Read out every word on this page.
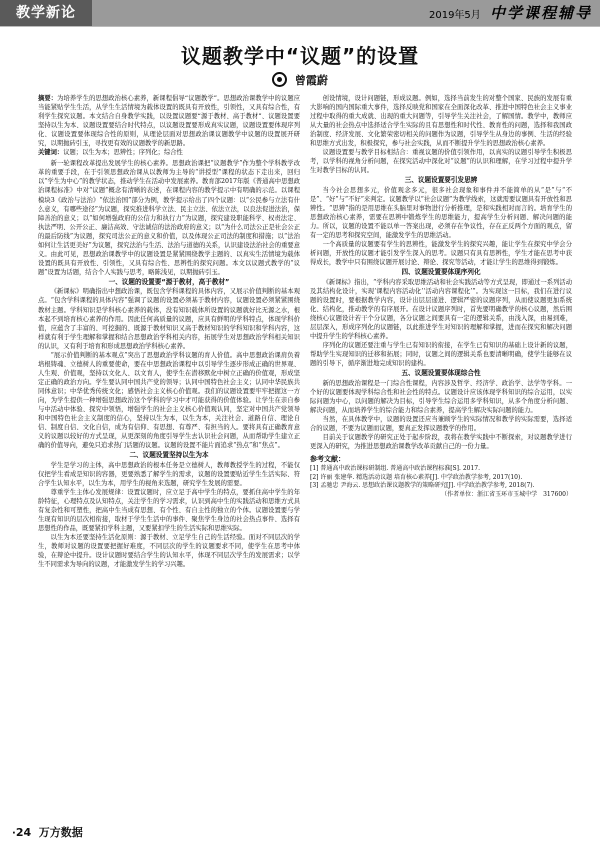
教学新论	2019年5月 中学课程辅导
议题教学中“议题”的设置
曾霞蔚

摘要：为培养学生的思想政治核心素养，新课程倡导“议题教学”。思想政治课教学中的议题应当能紧贴学生生活，从学生生活情境为载体设置的既具有开放性，引领性，又具有综合性，有利学生探究议题。本文结合自身教学实践，以设置议题要“源于教材、高于教材”、议题设置要坚持以生为本、议题设置要结合时代特点，以议题设置要形成真实议题，议题设置要体现序列化、议题设置要体现综合性的原则，从理论层面对思想政治课议题教学中议题的设置展开研究，以期抛砖引玉，寻找更有效的议题教学的新思路。

关键词：议题；以生为本；思辨性；序列化；综合性

新一轮课程改革提出发展学生的核心素养。思想政治课把“议题教学”作为整个学科教学改革的重要手段，在于引领思想政治课从以教师为主导的“讲授型”课程的状态下走出来，回归以“学生为中心”的教学状态，推动学生在活动中发展素养。教育部2017年版《普通高中思想政治课程标准》中对“议题”概念有清晰的表述，在课程内容的教学提示中有明确的示范。以课程模块3《政治与法治》“依法治国”部分为例，教学提示给出了四个议题：以“公民参与立法有什么意义，有哪些途径”为议题，探究推进科学立法、民主立法、依法立法，以良法促进法治，保障善治的意义；以“如何增强政府的公信力和执行力”为议题，探究建设职能科学、权责法定、执法严明、公开公正、廉洁高效、守法诚信的法治政府的意义；以“为什么司法公正是社会公正的最后防线”为议题，探究司法公正的意义和价值，以及体现公正司法的制度和措施；以“法治如何让生活更美好”为议题，探究法治与生活、法治与道德的关系，认识建设法治社会的重要意义。由此可见，思想政治课教学中的议题设置是紧紧围绕教学主题的、以真实生活情境为载体设置的既具有开放性、引领性，又具有综合性、思辨性的探究问题。本文以议题式教学的“议题”设置为话题，结合个人实践与思考，略陈浅见，以期抛砖引玉。

一、议题的设置要“源于教材，高于教材”

《新课标》明确指出中想政治课，既包含学科课程的具体内容，又展示价值判断的基本观点。“包含学科课程的具体内容”强调了议题的设置必须基于教材内容，议题设置必须紧紧围绕教材主题。学科知识是学科核心素养的载体，没有知识载体所设置的议题就好比无源之水，根本起不到培育核心素养的作用。因此任何高质量的议题，应具有鲜明的学科特点，体现学科价值，应蕴含了丰富的、可挖掘的、既源于教材知识又高于教材知识的学科知识和学科内容，这样就有利于学生理解和掌握和结合思想政治学科相关内容，拓展学生对思想政治学科相关知识的认识，又有利于培育和形成思想政治学科核心素养。

“展示价值判断的基本观点”突出了思想政治学科议题的育人价值。高中思想政治课肩负着培根铸魂、立德树人的重要使命，要在中思想政治课程中以引导学生逐步形成正确的世界观、人生观、价值观，坚持以文化人、以文育人，使学生在潜移默化中树立正确的价值观，形成坚定正确的政治方向。学生要认同中国共产党的领导；认同中国特色社会主义；认同中华民族共同体意识；中华优秀传统文化；感悟社会主义核心价值观。我们的议题设置要牢牢把握这一方向，为学生提供一种增强思想政治这个学科的学习中才可能获得的价值体验。让学生在亲自参与中活动中体验、探究中领悟，增强学生的社会主义核心价值观认同，坚定对中国共产党领导和中国特色社会主义制度的信心，坚持以生为本，以生为本，关注社会、道路自信、理论自信、制度自信、文化自信，成为有信仰、有思想、有尊严、有担当的人。要将具有正确教育意义的议题以较好的方式呈现，从更深刻的角度引导学生去认识社会问题，从而帮助学生建立正确的价值导向，避免只追求热门话题的议题。议题的设置不能片面追求“热点”和“焦点”。

二、议题设置坚持以生为本

学生是学习的主体，高中思想政治的根本任务是立德树人，教师教授学生的过程，不能仅仅把学生看成是知识的容器，更要熟悉了解学生的需求，议题的设置要贴近学生生活实际、符合学生认知水平，以生为本，用学生的视角来选题，研究学生发展的需要。

尊重学生主体心发展规律：设置议题时，应立足于高中学生的特点，要抓住高中学生的年龄特征，心理特点及认知特点，关注学生的学习需求，认识到高中生的实践活动和思维方式具有复杂性和可塑性，把高中生当成有思想、有个性、有自主性的独立的个体。议题设置要与学生现有知识的层次相衔接，取材于学生生活中的事件、聚焦学生身边的社会热点事件、选择有思想性的作品，既要紧扣学科主题，又要紧扣学生的生活实际和思维实际。

以生为本还要坚持生活化原则：源于教材、立足学生自己的生活经验。面对不同层次的学生，教师对议题的设置要把握好难度，不同层次的学生的议题要求不同，使学生在思考中体验，在辩论中提升。设计议题时要结合学生的认知水平，体现不同层次学生的发展需求；以学生不同需求为导向的议题，才能激发学生的学习兴趣。

创设情境，设计问题链，形成议题。例如，选择当前发生的对整个国家、民族的发展有重大影响的国内国际重大事件，选择反映党和国家在全面深化改革、推进中国特色社会主义事业过程中取得的重大成就、出现的重大问题等，引导学生关注社会，了解国情。教学中，教师应从大量的社会热点中选择适合学生实际的且有思想性和时代性、教育性的问题，选择和我国政治制度、经济发展、文化繁荣密切相关的问题作为议题，引导学生从身边的事例、生活的经验和思维方式出发，积极探究，参与社会实践，从而不断提升学生的思想政治核心素养。

议题设置要与教学目标相结合：重视议题的价值引领作用，以真实的议题引导学生积极思考，以学科的视角分析问题，在探究活动中深化对“议题”的认识和理解，在学习过程中提升学生对教学目标的认同。

三、议题设置要引发思辨

当今社会思想多元，价值观念多元，很多社会现象和事件并不能简单的从“是”与“不是”、“好”与“不好”来判定。议题教学以“社会议题”为教学线索，这就需要议题具有开放性和思辨性。“思辨”指的是用思维在头脑里对事物进行分析推理，是和实践相对而言的。培育学生的思想政治核心素养，需要在思辨中锻炼学生的思维能力，提高学生分析问题、解决问题的能力。所以，议题的设置不能以单一答案出现，必须存在争议性，存在正反两个方面的观点，留有一定的思考和探究空间，能激发学生的思维活动。

一个高质量的议题要有学生的思辨性，能激发学生的探究兴趣，能让学生在探究中学会分析问题，开放性的议题才能引发学生深入的思考。议题只有具有思辨性，学生才能在思考中获得成长，教学中只有围绕议题开展讨论、辩论、探究等活动，才能让学生的思维得到锻炼。

四、议题设置要体现序列化

《新课标》指出，“学科内容采取思维活动和社会实践活动等方式呈现，即通过一系列活动及其结构化设计，实现‘课程内容活动化’‘活动内容课程化’”。为实现这一目标，我们在进行议题的设置时，要根据教学内容，设计出层层递进、逻辑严密的议题序列，从而使议题更加系统化、结构化，推动教学的有序展开。在设计议题序列时，首先要明确教学的核心议题，然后围绕核心议题设计若干个分议题，各分议题之间要具有一定的逻辑关系，由浅入深，由易到难，层层深入，形成序列化的议题链，以此推进学生对知识的理解和掌握，进而在探究和解决问题中提升学生的学科核心素养。

序列化的议题还要注重与学生已有知识的衔接，在学生已有知识的基础上设计新的议题，帮助学生实现知识的迁移和拓展；同时，议题之间的逻辑关系也要清晰明确，使学生能够在议题的引导下，循序渐进地完成知识的建构。

五、议题设置要体现综合性

新的思想政治课程是一门综合性课程，内容涉及哲学、经济学、政治学、法学等学科。一个好的议题要体现学科综合性和社会性的特点。议题设计应该体现学科知识的综合运用，以实际问题为中心，以问题的解决为目标，引导学生综合运用多学科知识，从多个角度分析问题、解决问题，从而培养学生的综合能力和综合素养，提高学生解决实际问题的能力。

当然，在具体教学中，议题的设置还应当兼顾学生的实际情况和教学的实际需要，选择适合的议题，不要为议题而议题，要真正发挥议题教学的作用。

目前关于议题教学的研究正处于起步阶段，我将在教学实践中不断探索，对议题教学进行更深入的研究，为推进思想政治课教学改革贡献自己的一份力量。

参考文献：

[1] 普通高中政治课标研制组. 普通高中政治课程标准[S]. 2017.

[2] 许丽 张建华. 精选活动议题 培育核心素养[J]. 中学政治教学参考, 2017(10).

[3] 孟驰忠 尹海云. 思想政治课议题教学的策略研究[J]. 中学政治教学参考, 2018(7).

（作者单位：浙江省玉环市玉城中学　317600）

·24 万方数据
